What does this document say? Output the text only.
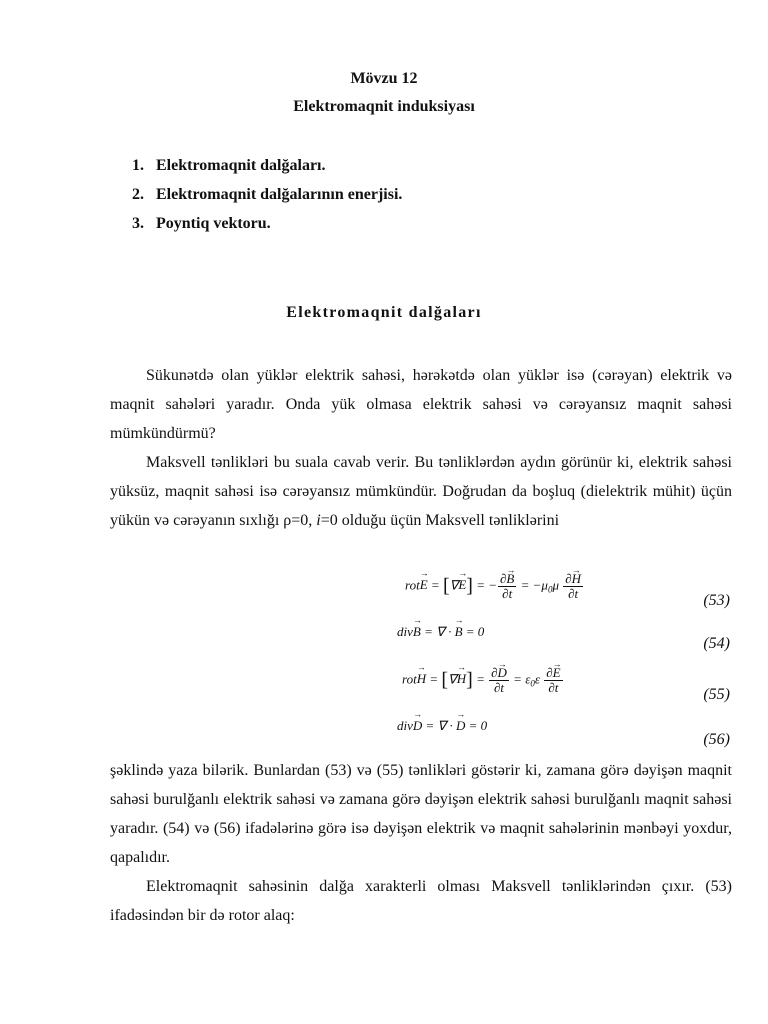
Mövzu 12
Elektromaqnit induksiyası
1. Elektromaqnit dalğaları.
2. Elektromaqnit dalğalarının enerjisi.
3. Poyntiq vektoru.
Elektromaqnit dalğaları
Sükunətdə olan yüklər elektrik sahəsi, hərəkətdə olan yüklər isə (cərəyan) elektrik və maqnit sahələri yaradır. Onda yük olmasa elektrik sahəsi və cərəyansız maqnit sahəsi mümkündürmü?
Maksvell tənlikləri bu suala cavab verir. Bu tənliklərdən aydın görünür ki, elektrik sahəsi yüksüz, maqnit sahəsi isə cərəyansız mümkündür. Doğrudan da boşluq (dielektrik mühit) üçün yükün və cərəyanın sıxlığı ρ=0, i=0 olduğu üçün Maksvell tənliklərini
rot→ E = [∇→ E] = − $\frac{\partial\to B}{\partial t} = -\mu_0\mu \frac{\partial\to H}{\partial t}$	(53)
div→ B = ∇ · → B = 0
(54)
rot→ H = [∇→ $H] = \frac{\partial\to D}{\partial t} = \varepsilon_0\varepsilon \frac{\partial\to E}{\partial t}$	(55)
div→ D = ∇ · → D = 0
(56)
şəklində yaza bilərik. Bunlardan (53) və (55) tənlikləri göstərir ki, zamana görə dəyişən maqnit sahəsi burulğanlı elektrik sahəsi və zamana görə dəyişən elektrik sahəsi burulğanlı maqnit sahəsi yaradır. (54) və (56) ifadələrinə görə isə dəyişən elektrik və maqnit sahələrinin mənbəyi yoxdur, qapalıdır.
Elektromaqnit sahəsinin dalğa xarakterli olması Maksvell tənliklərindən çıxır. (53) ifadəsindən bir də rotor alaq:
